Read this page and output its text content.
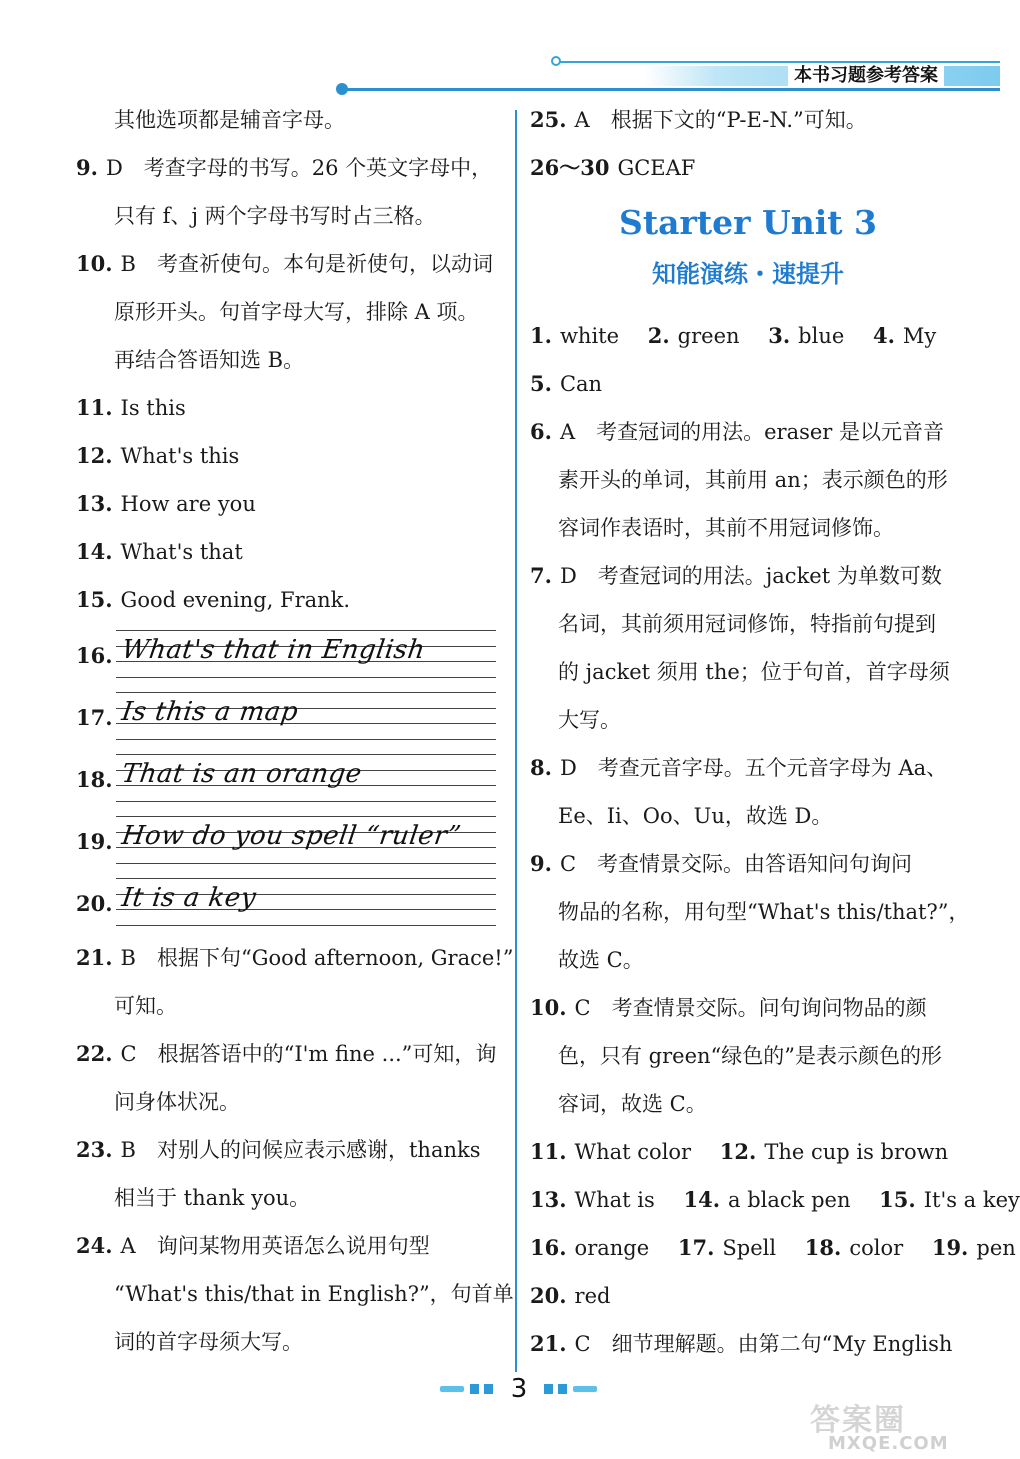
本书习题参考答案
其他选项都是辅音字母。
9. D　考查字母的书写。26 个英文字母中，
只有 f、j 两个字母书写时占三格。
10. B　考查祈使句。本句是祈使句，以动词
原形开头。句首字母大写，排除 A 项。
再结合答语知选 B。
11. Is this
12. What's this
13. How are you
14. What's that
15. Good evening, Frank.
16. What's that in English
17. Is this a map
18. That is an orange
19. How do you spell “ruler”
20. It is a key
21. B　根据下句“Good afternoon, Grace!”
可知。
22. C　根据答语中的“I'm fine ...”可知，询
问身体状况。
23. B　对别人的问候应表示感谢，thanks
相当于 thank you。
24. A　询问某物用英语怎么说用句型
“What's this/that in English?”，句首单
词的首字母须大写。
25. A　根据下文的“P-E-N.”可知。
26～30 GCEAF
Starter Unit 3
知能演练・速提升
1. white 2. green 3. blue 4. My
5. Can
6. A　考查冠词的用法。eraser 是以元音音
素开头的单词，其前用 an；表示颜色的形
容词作表语时，其前不用冠词修饰。
7. D　考查冠词的用法。jacket 为单数可数
名词，其前须用冠词修饰，特指前句提到
的 jacket 须用 the；位于句首，首字母须
大写。
8. D　考查元音字母。五个元音字母为 Aa、
Ee、Ii、Oo、Uu，故选 D。
9. C　考查情景交际。由答语知问句询问
物品的名称，用句型“What's this/that?”，
故选 C。
10. C　考查情景交际。问句询问物品的颜
色，只有 green“绿色的”是表示颜色的形
容词，故选 C。
11. What color 12. The cup is brown
13. What is 14. a black pen 15. It's a key
16. orange 17. Spell 18. color 19. pen
20. red
21. C　细节理解题。由第二句“My English
3
答案圈
MXQE.COM
